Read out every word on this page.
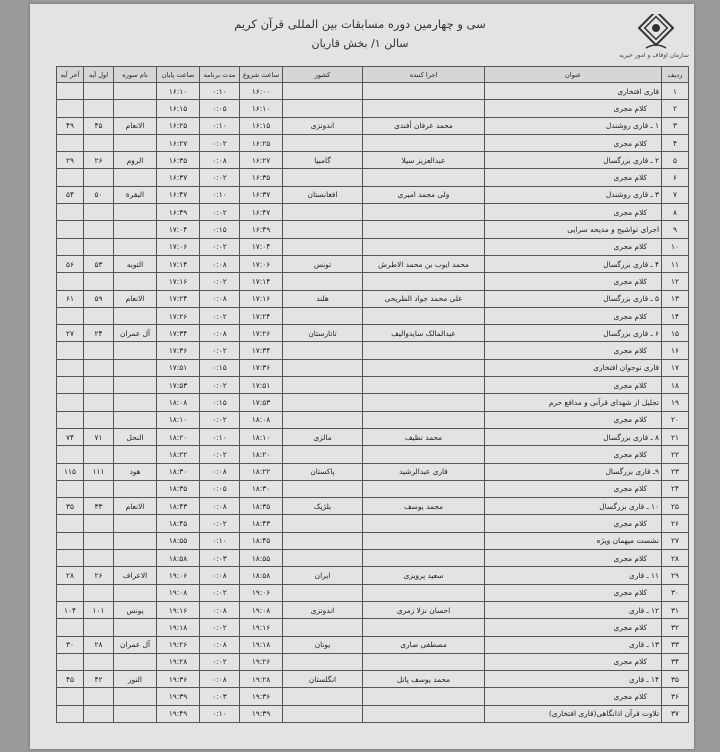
سی و چهارمین دوره مسابقات بین المللی قرآن کریم
سالن ۱/ بخش قاریان
سازمان اوقاف و امور خیریه
آخر آیه	اول آیه	نام سوره	ساعت پایان	مدت برنامه	ساعت شروع	کشور	اجرا کننده	عنوان	ردیف
			۱۶:۱۰	۰:۱۰	۱۶:۰۰			قاری افتخاری	۱
			۱۶:۱۵	۰:۰۵	۱۶:۱۰			کلام مجری	۲
۴۹	۴۵	الانعام	۱۶:۲۵	۰:۱۰	۱۶:۱۵	اندونزی	محمد عرفان أفندی	۱ ـ قاری روشندل	۳
			۱۶:۲۷	۰:۰۲	۱۶:۲۵			کلام مجری	۴
۲۹	۲۶	الروم	۱۶:۳۵	۰:۰۸	۱۶:۲۷	گامبیا	عبدالعزیز سیلا	۲ ـ قاری بزرگسال	۵
			۱۶:۳۷	۰:۰۲	۱۶:۳۵			کلام مجری	۶
۵۴	۵۰	البقرة	۱۶:۴۷	۰:۱۰	۱۶:۳۷	افغانستان	ولی محمد امیری	۳ ـ قاری روشندل	۷
			۱۶:۴۹	۰:۰۲	۱۶:۴۷			کلام مجری	۸
			۱۷:۰۴	۰:۱۵	۱۶:۴۹			اجرای تواشیح و مدیحه سرایی	۹
			۱۷:۰۶	۰:۰۲	۱۷:۰۴			کلام مجری	۱۰
۵۶	۵۳	التوبه	۱۷:۱۴	۰:۰۸	۱۷:۰۶	تونس	محمد ایوب بن محمد الاطرش	۴ ـ قاری بزرگسال	۱۱
			۱۷:۱۶	۰:۰۲	۱۷:۱۴			کلام مجری	۱۲
۶۱	۵۹	الانعام	۱۷:۲۴	۰:۰۸	۱۷:۱۶	هلند	علی محمد جواد الطریحی	۵ ـ قاری بزرگسال	۱۳
			۱۷:۲۶	۰:۰۲	۱۷:۲۴			کلام مجری	۱۴
۲۷	۲۴	آل عمران	۱۷:۳۴	۰:۰۸	۱۷:۲۶	تاتارستان	عبدالمالک سایدوالیف	۶ ـ قاری بزرگسال	۱۵
			۱۷:۳۶	۰:۰۲	۱۷:۳۴			کلام مجری	۱۶
			۱۷:۵۱	۰:۱۵	۱۷:۳۶			قاری نوجوان افتخاری	۱۷
			۱۷:۵۳	۰:۰۲	۱۷:۵۱			کلام مجری	۱۸
			۱۸:۰۸	۰:۱۵	۱۷:۵۳			تجلیل از شهدای قرآنی و مدافع حرم	۱۹
			۱۸:۱۰	۰:۰۲	۱۸:۰۸			کلام مجری	۲۰
۷۴	۷۱	النحل	۱۸:۲۰	۰:۱۰	۱۸:۱۰	مالزی	محمد نظیف	۸ ـ قاری بزرگسال	۲۱
			۱۸:۲۲	۰:۰۲	۱۸:۲۰			کلام مجری	۲۲
۱۱۵	۱۱۱	هود	۱۸:۳۰	۰:۰۸	۱۸:۲۲	پاکستان	قاری عبدالرشید	۹ـ قاری بزرگسال	۲۳
			۱۸:۳۵	۰:۰۵	۱۸:۳۰			کلام مجری	۲۴
۳۵	۳۳	الانعام	۱۸:۴۳	۰:۰۸	۱۸:۳۵	بلژیک	محمد یوسف	۱۰ ـ قاری بزرگسال	۲۵
			۱۸:۴۵	۰:۰۲	۱۸:۴۳			کلام مجری	۲۶
			۱۸:۵۵	۰:۱۰	۱۸:۴۵			نشست میهمان ویژه	۲۷
			۱۸:۵۸	۰:۰۳	۱۸:۵۵			کلام مجری	۲۸
۲۸	۲۶	الاعراف	۱۹:۰۶	۰:۰۸	۱۸:۵۸	ایران	سعید پرویزی	۱۱ ـ قاری	۲۹
			۱۹:۰۸	۰:۰۲	۱۹:۰۶			کلام مجری	۳۰
۱۰۴	۱۰۱	یونس	۱۹:۱۶	۰:۰۸	۱۹:۰۸	اندونزی	احسان نزلا زمری	۱۲ ـ قاری	۳۱
			۱۹:۱۸	۰:۰۲	۱۹:۱۶			کلام مجری	۳۲
۳۰	۲۸	آل عمران	۱۹:۲۶	۰:۰۸	۱۹:۱۸	یونان	مصطفی صاری	۱۳ ـ قاری	۳۳
			۱۹:۲۸	۰:۰۲	۱۹:۲۶			کلام مجری	۳۴
۴۵	۴۲	النور	۱۹:۳۶	۰:۰۸	۱۹:۲۸	انگلستان	محمد یوسف پاتل	۱۴ ـ قاری	۳۵
			۱۹:۳۹	۰:۰۳	۱۹:۳۶			کلام مجری	۳۶
			۱۹:۴۹	۰:۱۰	۱۹:۳۹			تلاوت قرآن اذانگاهی(قاری افتخاری)	۳۷
